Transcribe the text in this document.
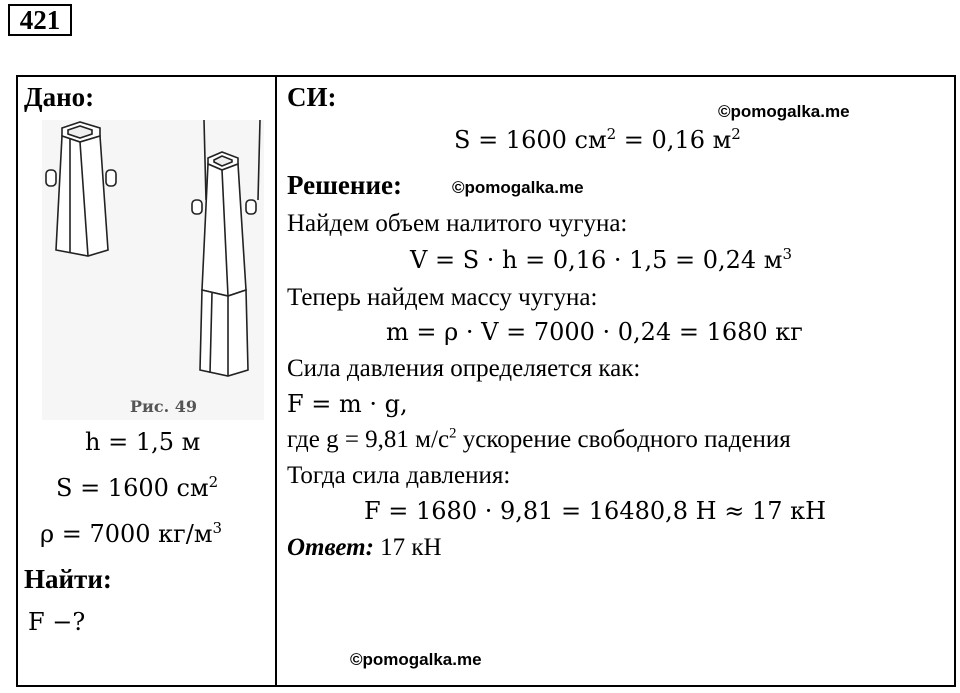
421
Дано:
Рис. 49
h = 1,5 м
S = 1600 $см^2$
ρ = 7000 $кг/м^3$
Найти:
F −?
СИ:	©pomogalka.me
S = 1600 $см^2 = 0,16$ $м^2$
Решение:	©pomogalka.me
Найдем объем налитого чугуна:
V = S · h = 0,16 · 1,5 = 0,24 $м^3$
Теперь найдем массу чугуна:
m = ρ · V = 7000 · 0,24 = 1680 кг
Сила давления определяется как:
F = m · g,
где g = 9,81 $м/с^2$ ускорение свободного падения
Тогда сила давления:
F = 1680 · 9,81 = 16480,8 Н ≈ 17 кН
Ответ: 17 кН
©pomogalka.me
